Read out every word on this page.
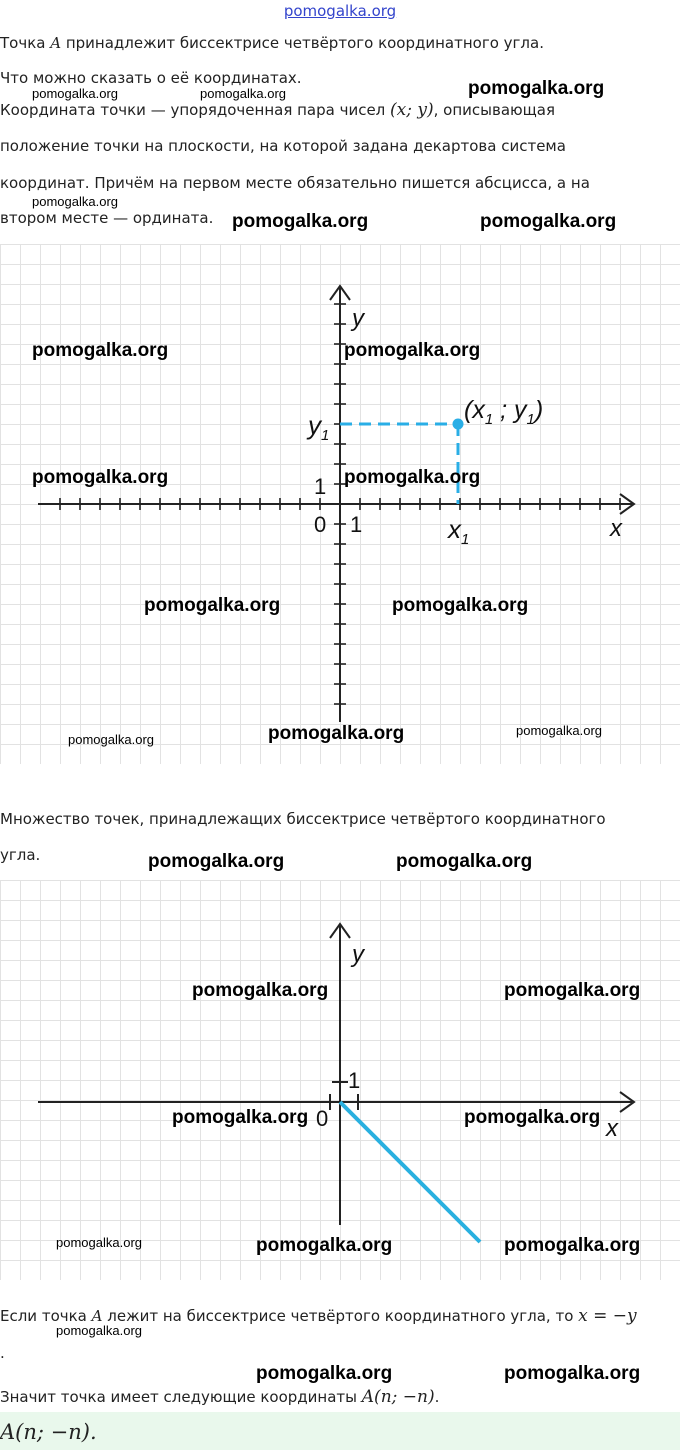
pomogalka.org
Точка A принадлежит биссектрисе четвёртого координатного угла.
Что можно сказать о её координатах.
Координата точки — упорядоченная пара чисел (x; y), описывающая
положение точки на плоскости, на которой задана декартова система
координат. Причём на первом месте обязательно пишется абсцисса, а на
втором месте — ордината.
y
x
0 1
1
$y_1$
$x_1$
($x_1$ ; $y_1$)
Множество точек, принадлежащих биссектрисе четвёртого координатного
угла.
y
x
0
1
Если точка A лежит на биссектрисе четвёртого координатного угла, то x = −y
.
Значит точка имеет следующие координаты A(n; −n).
A(n; −n).
pomogalka.org	pomogalka.org	pomogalka.org
pomogalka.org
pomogalka.org	pomogalka.org
pomogalka.org	pomogalka.org
pomogalka.org	pomogalka.org
pomogalka.org	pomogalka.org
pomogalka.org	pomogalka.org	pomogalka.org
pomogalka.org	pomogalka.org
pomogalka.org	pomogalka.org
pomogalka.org	pomogalka.org
pomogalka.org	pomogalka.org	pomogalka.org
pomogalka.org
pomogalka.org	pomogalka.org
